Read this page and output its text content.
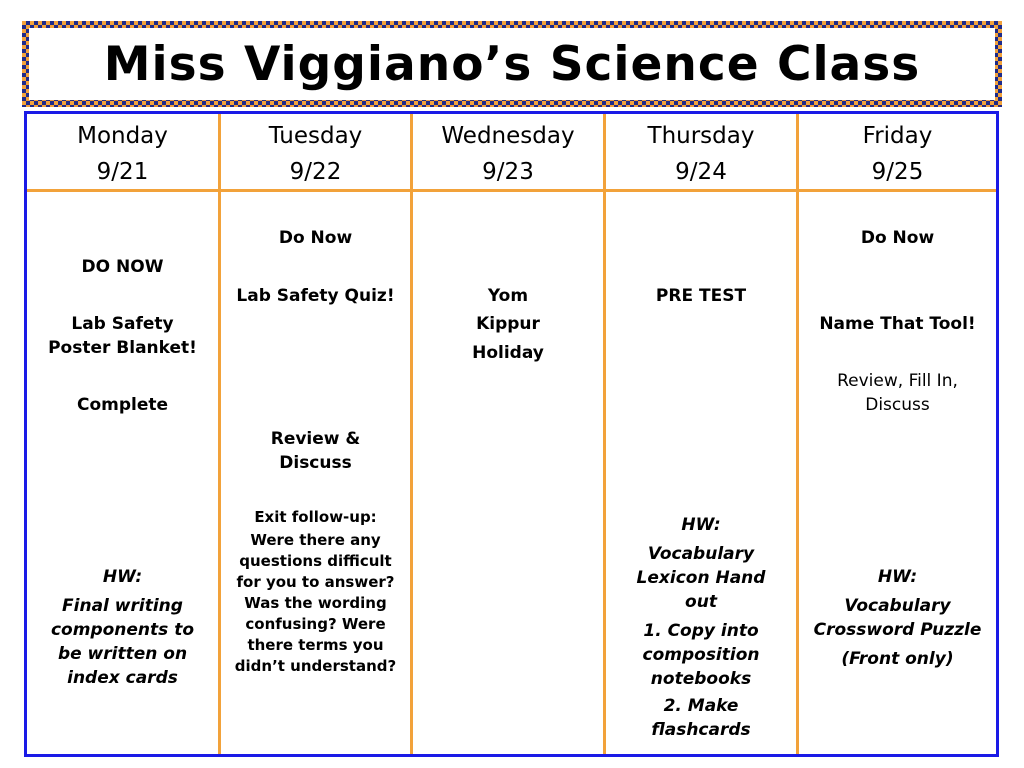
Miss Viggiano’s Science Class
Monday
9/21
DO NOW
Lab Safety
Poster Blanket!
Complete
HW:
Final writing
components to
be written on
index cards
Tuesday
9/22
Do Now
Lab Safety Quiz!
Review &
Discuss
Exit follow-up:
Were there any
questions difficult
for you to answer?
Was the wording
confusing? Were
there terms you
didn’t understand?
Wednesday
9/23
Yom
Kippur
Holiday
Thursday
9/24
PRE TEST
HW:
Vocabulary
Lexicon Hand
out
1. Copy into
composition
notebooks
2. Make
flashcards
Friday
9/25
Do Now
Name That Tool!
Review, Fill In,
Discuss
HW:
Vocabulary
Crossword Puzzle
(Front only)
